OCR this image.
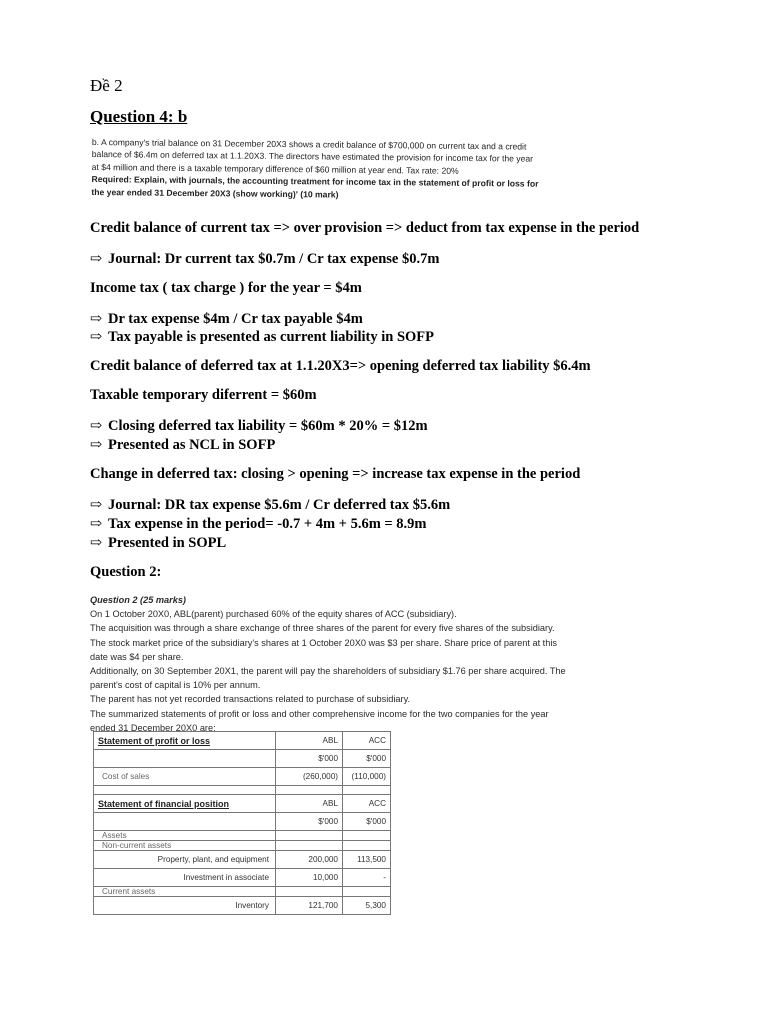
Đề 2
Question 4: b

b. A company's trial balance on 31 December 20X3 shows a credit balance of $700,000 on current tax and a credit

balance of $6.4m on deferred tax at 1.1.20X3. The directors have estimated the provision for income tax for the year

at $4 million and there is a taxable temporary difference of $60 million at year end. Tax rate: 20%

Required: Explain, with journals, the accounting treatment for income tax in the statement of profit or loss for

the year ended 31 December 20X3 (show working)' (10 mark)

Credit balance of current tax => over provision => deduct from tax expense in the period
⇨ Journal: Dr current tax $0.7m / Cr tax expense $0.7m
Income tax ( tax charge ) for the year = $4m
⇨ Dr tax expense $4m / Cr tax payable $4m
⇨ Tax payable is presented as current liability in SOFP
Credit balance of deferred tax at 1.1.20X3=> opening deferred tax liability $6.4m
Taxable temporary diferrent = $60m
⇨ Closing deferred tax liability = $60m * 20% = $12m
⇨ Presented as NCL in SOFP
Change in deferred tax: closing > opening => increase tax expense in the period
⇨ Journal: DR tax expense $5.6m / Cr deferred tax $5.6m
⇨ Tax expense in the period= -0.7 + 4m + 5.6m = 8.9m
⇨ Presented in SOPL
Question 2:

Question 2 (25 marks)

On 1 October 20X0, ABL(parent) purchased 60% of the equity shares of ACC (subsidiary).

The acquisition was through a share exchange of three shares of the parent for every five shares of the subsidiary.

The stock market price of the subsidiary's shares at 1 October 20X0 was $3 per share. Share price of parent at this

date was $4 per share.

Additionally, on 30 September 20X1, the parent will pay the shareholders of subsidiary $1.76 per share acquired. The

parent's cost of capital is 10% per annum.

The parent has not yet recorded transactions related to purchase of subsidiary.

The summarized statements of profit or loss and other comprehensive income for the two companies for the year

ended 31 December 20X0 are:

Statement of profit or loss	ABL	ACC
	$'000	$'000
Cost of sales	(260,000)	(110,000)

Statement of financial position	ABL	ACC
	$'000	$'000
Assets		
Non-current assets		
Property, plant, and equipment	200,000	113,500
Investment in associate	10,000	-
Current assets		
Inventory	121,700	5,300
